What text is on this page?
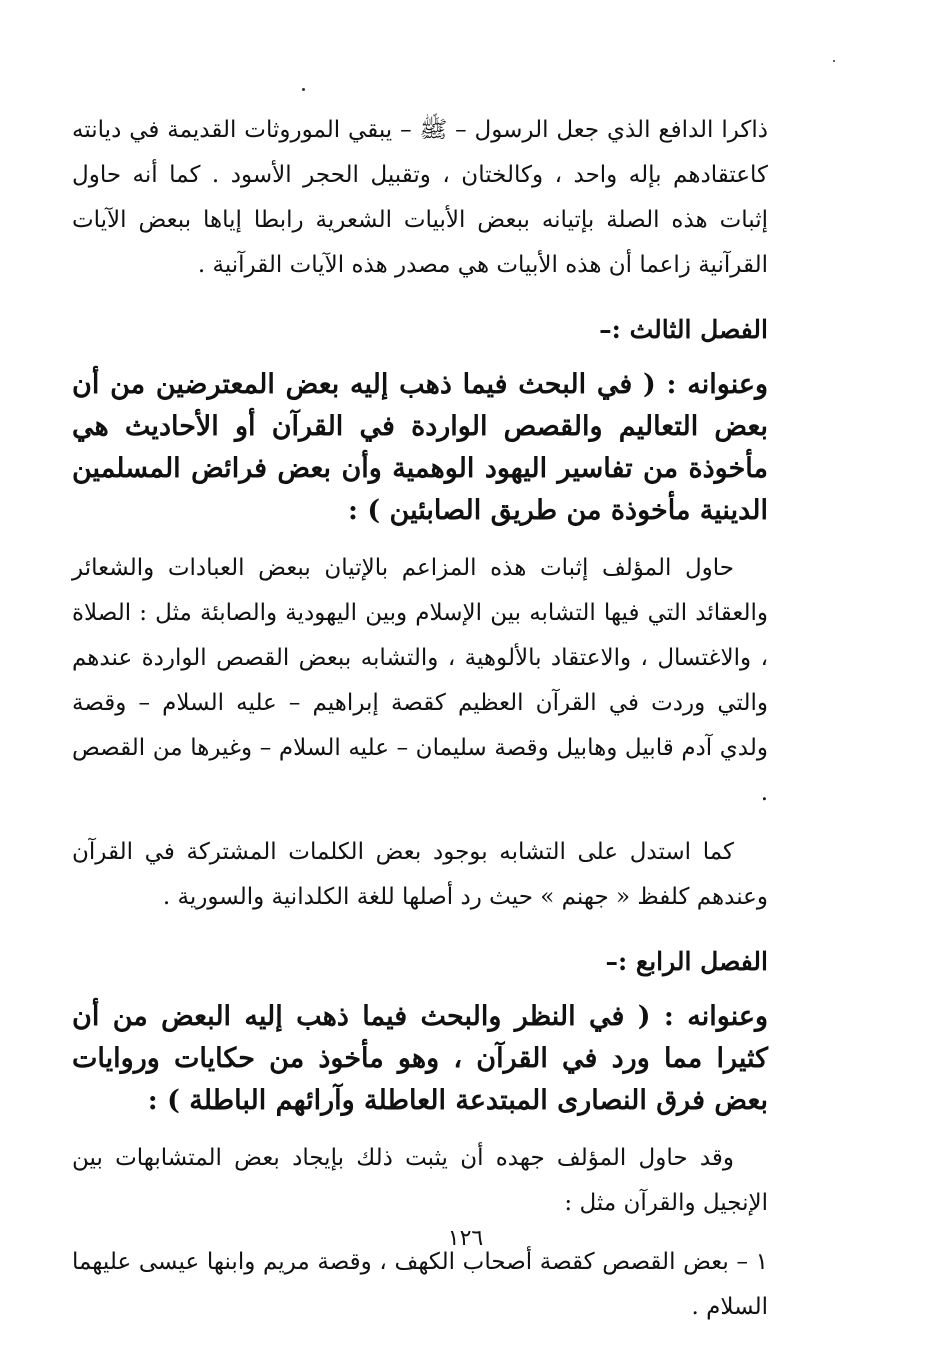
ذاكرا الدافع الذي جعل الرسول – ﷺ – يبقي الموروثات القديمة في ديانته كاعتقادهم بإله واحد ، وكالختان ، وتقبيل الحجر الأسود . كما أنه حاول إثبات هذه الصلة بإتيانه ببعض الأبيات الشعرية رابطا إياها ببعض الآيات القرآنية زاعما أن هذه الأبيات هي مصدر هذه الآيات القرآنية .

الفصل الثالث :–

وعنوانه : ( في البحث فيما ذهب إليه بعض المعترضين من أن بعض التعاليم والقصص الواردة في القرآن أو الأحاديث هي مأخوذة من تفاسير اليهود الوهمية وأن بعض فرائض المسلمين الدينية مأخوذة من طريق الصابئين ) :

حاول المؤلف إثبات هذه المزاعم بالإتيان ببعض العبادات والشعائر والعقائد التي فيها التشابه بين الإسلام وبين اليهودية والصابئة مثل : الصلاة ، والاغتسال ، والاعتقاد بالألوهية ، والتشابه ببعض القصص الواردة عندهم والتي وردت في القرآن العظيم كقصة إبراهيم – عليه السلام – وقصة ولدي آدم قابيل وهابيل وقصة سليمان – عليه السلام – وغيرها من القصص .

كما استدل على التشابه بوجود بعض الكلمات المشتركة في القرآن وعندهم كلفظ « جهنم » حيث رد أصلها للغة الكلدانية والسورية .

الفصل الرابع :–

وعنوانه : ( في النظر والبحث فيما ذهب إليه البعض من أن كثيرا مما ورد في القرآن ، وهو مأخوذ من حكايات وروايات بعض فرق النصارى المبتدعة العاطلة وآرائهم الباطلة ) :

وقد حاول المؤلف جهده أن يثبت ذلك بإيجاد بعض المتشابهات بين الإنجيل والقرآن مثل :

١ – بعض القصص كقصة أصحاب الكهف ، وقصة مريم وابنها عيسى عليهما السلام .

١٢٦
